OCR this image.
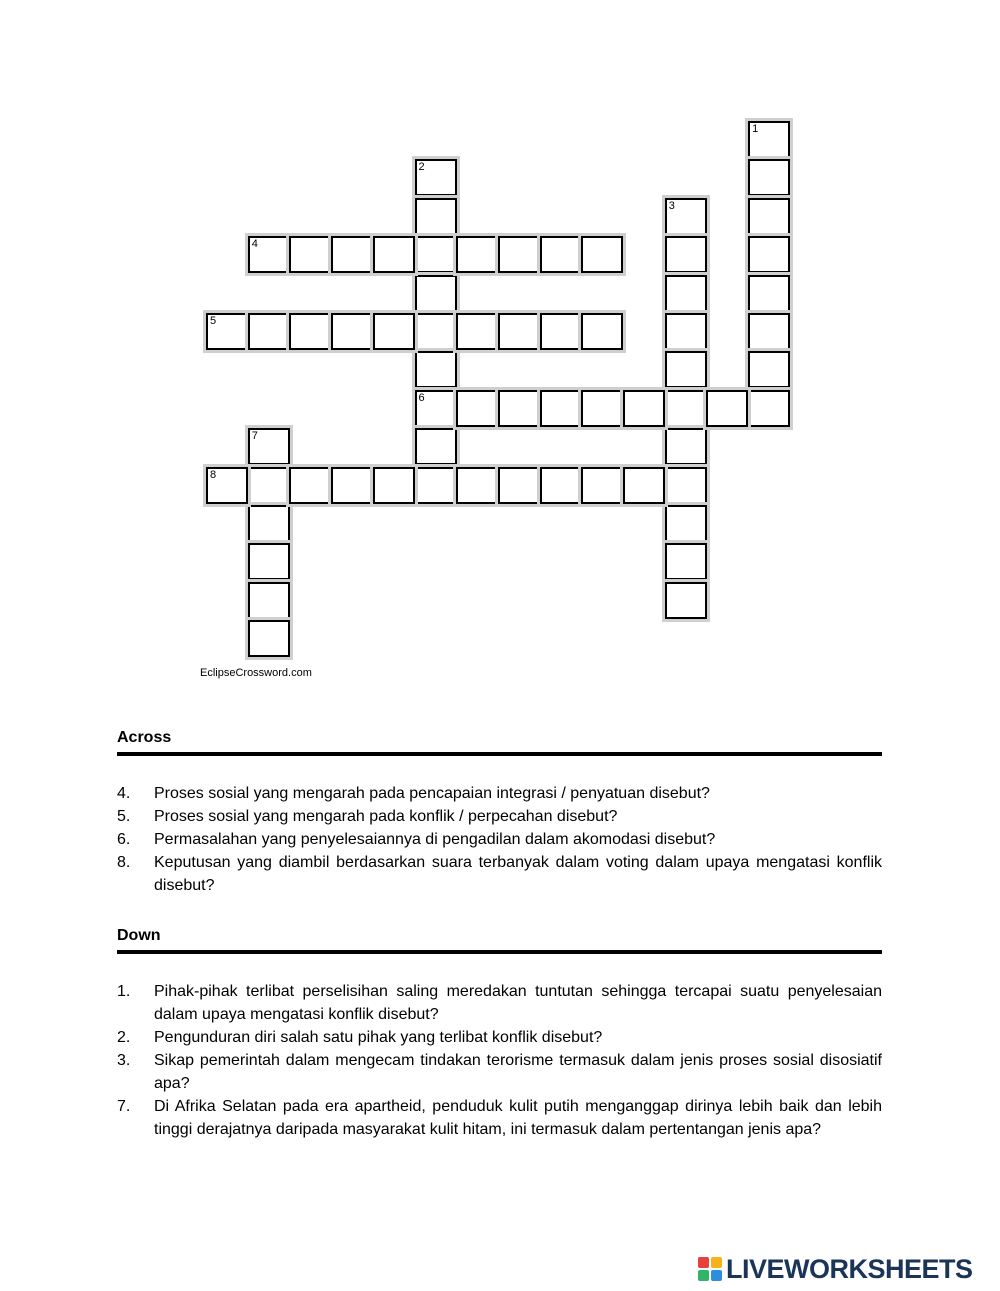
1
2
6
3
4
5
7
8
EclipseCrossword.com
Across
4. Proses sosial yang mengarah pada pencapaian integrasi / penyatuan disebut?
5. Proses sosial yang mengarah pada konflik / perpecahan disebut?
6. Permasalahan yang penyelesaiannya di pengadilan dalam akomodasi disebut?
8. Keputusan yang diambil berdasarkan suara terbanyak dalam voting dalam upaya mengatasi konflik disebut?
Down
1. Pihak-pihak terlibat perselisihan saling meredakan tuntutan sehingga tercapai suatu penyelesaian dalam upaya mengatasi konflik disebut?
2. Pengunduran diri salah satu pihak yang terlibat konflik disebut?
3. Sikap pemerintah dalam mengecam tindakan terorisme termasuk dalam jenis proses sosial disosiatif apa?
7. Di Afrika Selatan pada era apartheid, penduduk kulit putih menganggap dirinya lebih baik dan lebih tinggi derajatnya daripada masyarakat kulit hitam, ini termasuk dalam pertentangan jenis apa?
LIVEWORKSHEETS
